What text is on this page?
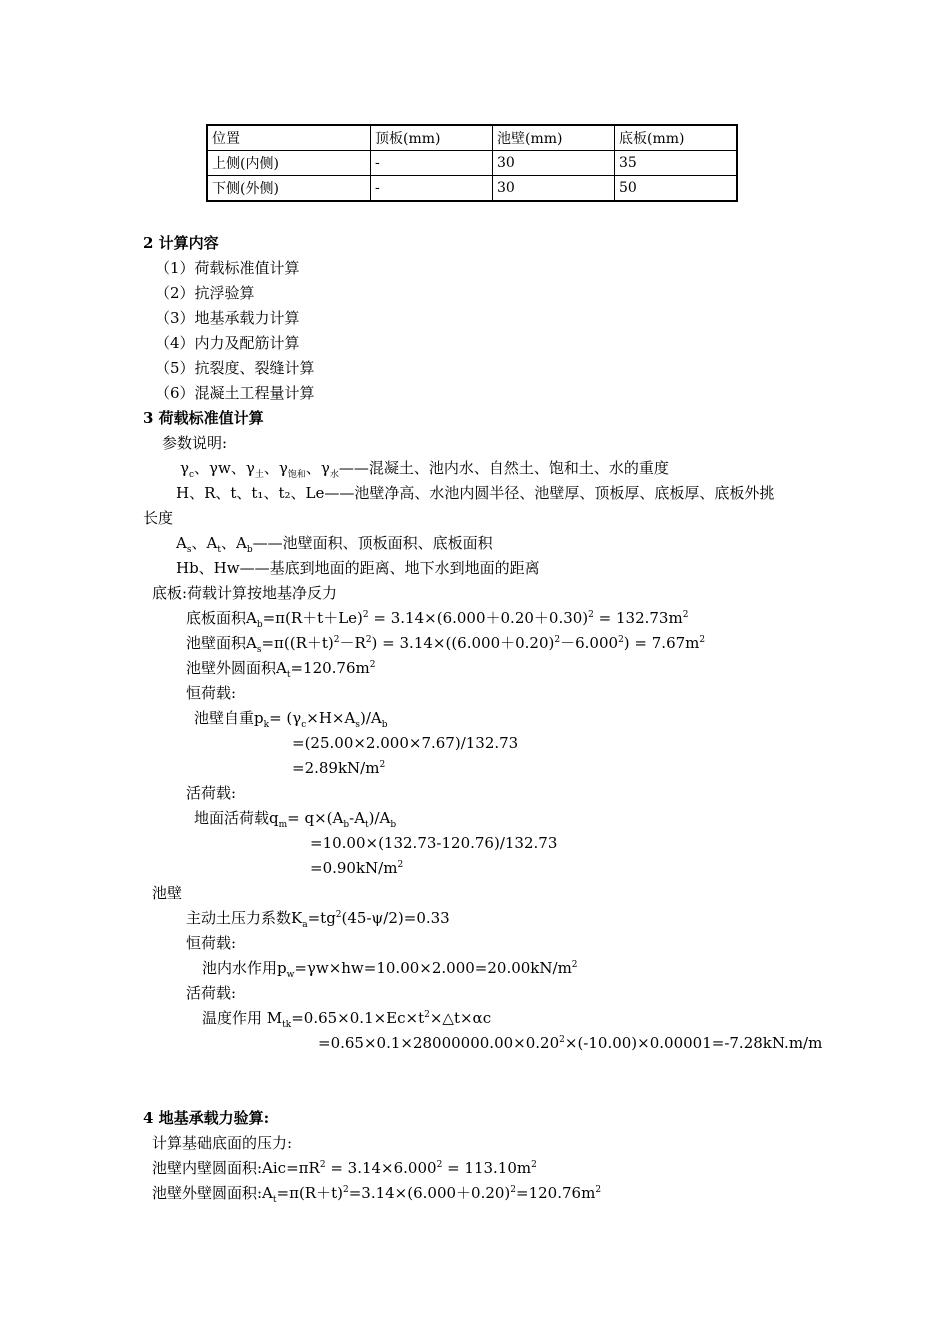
位置	顶板(mm)	池壁(mm)	底板(mm)
上侧(内侧)	-	30	35
下侧(外侧)	-	30	50
2 计算内容
（1）荷载标准值计算
（2）抗浮验算
（3）地基承载力计算
（4）内力及配筋计算
（5）抗裂度、裂缝计算
（6）混凝土工程量计算
3 荷载标准值计算
参数说明:
$\gamma_c$、γw、$\gamma_土$、$\gamma_{饱和}$、$\gamma_水——$混凝土、池内水、自然土、饱和土、水的重度
H、R、t、t₁、t₂、Le——池壁净高、水池内圆半径、池壁厚、顶板厚、底板厚、底板外挑
长度
$A_s$、$A_t$、$A_b——$池壁面积、顶板面积、底板面积
Hb、Hw——基底到地面的距离、地下水到地面的距离
底板:荷载计算按地基净反力
底板面积$A_b=\pi(R+t+Le)^2 = 3.14\times(6.000+0.20+0.30)^2 = 132.73m^2$
池壁面积$A_s=\pi((R+t)^2-R^2) = 3.14\times((6.000+0.20)^2-6.000^2) = 7.67m^2$
池壁外圆面积$A_t=120.76m^2$
恒荷载:
池壁自重$p_k= (\gamma_c\times H\times A_s)/A_b$
=(25.00×2.000×7.67)/132.73
$=2.89kN/m^2$
活荷载:
地面活荷载$q_m= q\times(A_b-A_t)/A_b$
=10.00×(132.73-120.76)/132.73
$=0.90kN/m^2$
池壁
主动土压力系数$K_a=tg^2(45-\psi/2)=0.33$
恒荷载:
池内水作用$p_w=\gamma w\times hw=10.00\times 2.000=20.00kN/m^2$
活荷载:
温度作用 $M_{tk}=0.65\times 0.1\times Ec\times t^2\times\triangle t\times\alpha c$
$=0.65\times 0.1\times 28000000.00\times 0.20^2\times(-10.00)\times 0.00001=-7.28kN.m/m$
4 地基承载力验算:
计算基础底面的压力:
池壁内壁圆面积$:Aic=\pi R^2 = 3.14\times 6.000^2 = 113.10m^2$
池壁外壁圆面积$:A_t=\pi(R+t)^2=3.14\times(6.000+0.20)^2=120.76m^2$
